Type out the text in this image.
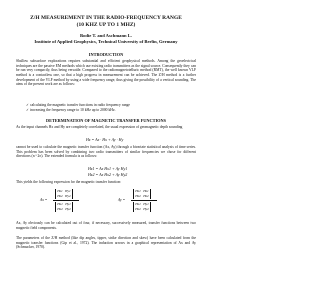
Z/H MEASUREMENT IN THE RADIO-FREQUENCY RANGE
(10 KHZ UP TO 1 MHZ)
Bodie T. and Aschmann L.
Institute of Applied Geophysics, Technical University of Berlin, Germany
INTRODUCTION
Shallow subsurface explorations requires substantial and efficient geophysical methods. Among the geoelectrical techniques are the passive EM methods which use existing radio transmitters as the signal source. Consequently they can be run very compactly, thus being versatile. Compared to the radiomagnetotelluric method (RMT), the well known VLF method is a contactless one, so that a high progress in measurement can be achieved. The Z/H method is a further development of the VLF method by using a wide frequency range, thus giving the possibility of a vertical sounding. The aims of the present work are as follows:
✓ calculating the magnetic transfer functions in radio frequency range
✓ increasing the frequency range to 10 kHz up to 2000 kHz.
DETERMINATION OF MAGNETIC TRANSFER FUNCTIONS
As the input channels Hx and Hy are completely correlated, the usual expression of geomagnetic depth sounding
Hz = Ax · Hx + Ay · Hy
cannot be used to calculate the magnetic transfer function (Ax, Ay) through a bivariate statistical analysis of time series. This problem has been solved by combining two radio transmitters of similar frequencies we chose for different directions (n ¹ 2π). The extended formula is as follows:
Hz1 = Ax Hx1 + Ay Hy1
Hz2 = Ax Hx2 + Ay Hy2
This yields the following expression for the magnetic transfer function:
Ax =
Hz1	Hy1
Hz2	Hy2
Hx1	Hy1
Hx2	Hy2
Ay =
Hx1	Hz1
Hx2	Hz2
Hx1	Hy1
Hx2	Hy2
Ax, Ay obviously can be calculated out of four, if necessary, successively measured, transfer functions between two magnetic field components.
The parameters of the Z/H method (like dip angles, tipper, strike direction and skew) have been calculated from the magnetic transfer functions (Gip et al., 1972). The induction arrows in a graphical representation of Ax and Ay (Schmucker, 1970).
